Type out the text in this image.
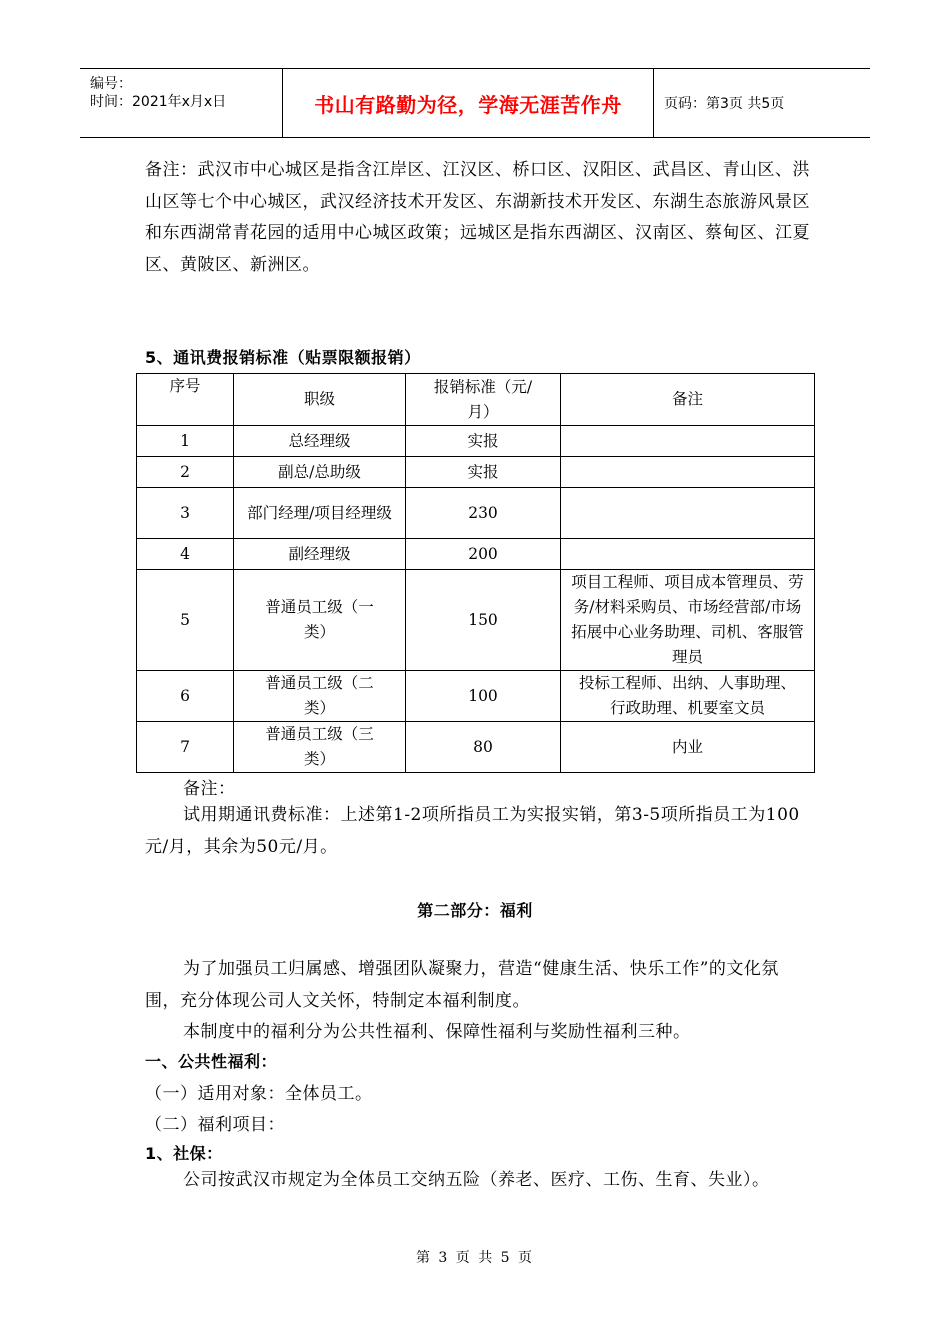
编号：
时间：2021年x月x日	书山有路勤为径，学海无涯苦作舟	页码：第3页 共5页
备注：武汉市中心城区是指含江岸区、江汉区、桥口区、汉阳区、武昌区、青山区、洪山区等七个中心城区，武汉经济技术开发区、东湖新技术开发区、东湖生态旅游风景区和东西湖常青花园的适用中心城区政策；远城区是指东西湖区、汉南区、蔡甸区、江夏区、黄陂区、新洲区。
5、通讯费报销标准（贴票限额报销）
序号	职级	报销标准（元/月）	备注
1	总经理级	实报	
2	副总/总助级	实报	
3	部门经理/项目经理级	230	
4	副经理级	200	
5	普通员工级（一类）	150	项目工程师、项目成本管理员、劳务/材料采购员、市场经营部/市场拓展中心业务助理、司机、客服管理员
6	普通员工级（二类）	100	投标工程师、出纳、人事助理、行政助理、机要室文员
7	普通员工级（三类）	80	内业
备注：
试用期通讯费标准：上述第1-2项所指员工为实报实销，第3-5项所指员工为100元/月，其余为50元/月。
第二部分：福利
为了加强员工归属感、增强团队凝聚力，营造“健康生活、快乐工作”的文化氛围，充分体现公司人文关怀，特制定本福利制度。
本制度中的福利分为公共性福利、保障性福利与奖励性福利三种。
一、公共性福利：
（一）适用对象：全体员工。
（二）福利项目：
1、社保：
公司按武汉市规定为全体员工交纳五险（养老、医疗、工伤、生育、失业）。
第 3 页 共 5 页
